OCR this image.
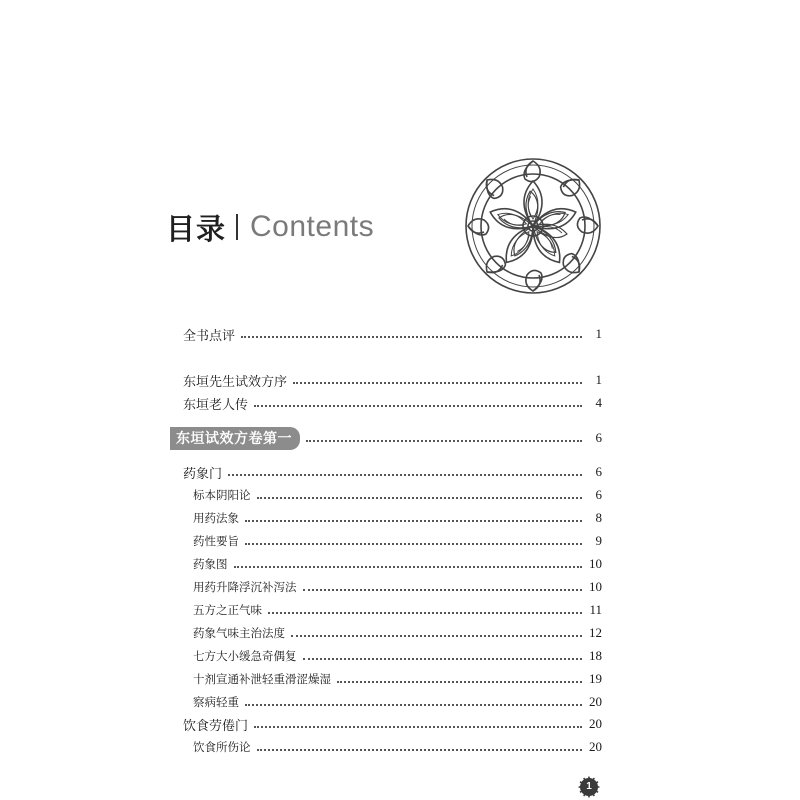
目录 Contents
全书点评	1
东垣先生试效方序	1
东垣老人传	4
东垣试效方卷第一	6
药象门	6
标本阴阳论	6
用药法象	8
药性要旨	9
药象图	10
用药升降浮沉补泻法	10
五方之正气味	11
药象气味主治法度	12
七方大小缓急奇偶复	18
十剂宣通补泄轻重滑涩燥湿	19
察病轻重	20
饮食劳倦门	20
饮食所伤论	20
1
